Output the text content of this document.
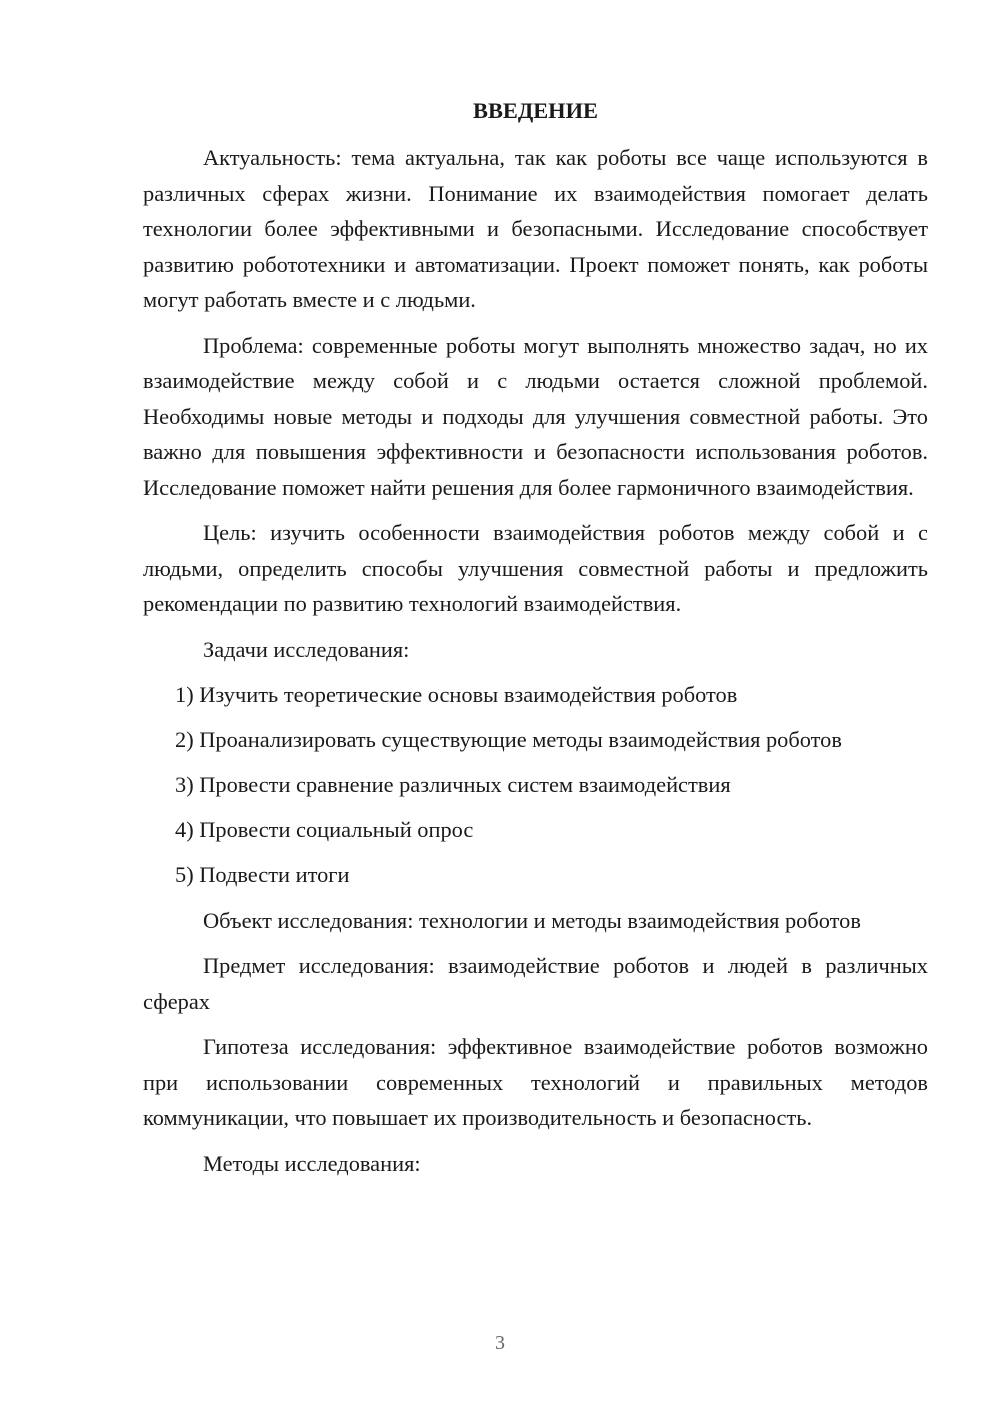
ВВЕДЕНИЕ

Актуальность: тема актуальна, так как роботы все чаще используются в различных сферах жизни. Понимание их взаимодействия помогает делать технологии более эффективными и безопасными. Исследование способствует развитию робототехники и автоматизации. Проект поможет понять, как роботы могут работать вместе и с людьми.

Проблема: современные роботы могут выполнять множество задач, но их взаимодействие между собой и с людьми остается сложной проблемой. Необходимы новые методы и подходы для улучшения совместной работы. Это важно для повышения эффективности и безопасности использования роботов. Исследование поможет найти решения для более гармоничного взаимодействия.

Цель: изучить особенности взаимодействия роботов между собой и с людьми, определить способы улучшения совместной работы и предложить рекомендации по развитию технологий взаимодействия.

Задачи исследования:

1) Изучить теоретические основы взаимодействия роботов
2) Проанализировать существующие методы взаимодействия роботов
3) Провести сравнение различных систем взаимодействия
4) Провести социальный опрос
5) Подвести итоги

Объект исследования: технологии и методы взаимодействия роботов

Предмет исследования: взаимодействие роботов и людей в различных сферах

Гипотеза исследования: эффективное взаимодействие роботов возможно при использовании современных технологий и правильных методов коммуникации, что повышает их производительность и безопасность.

Методы исследования:

3
